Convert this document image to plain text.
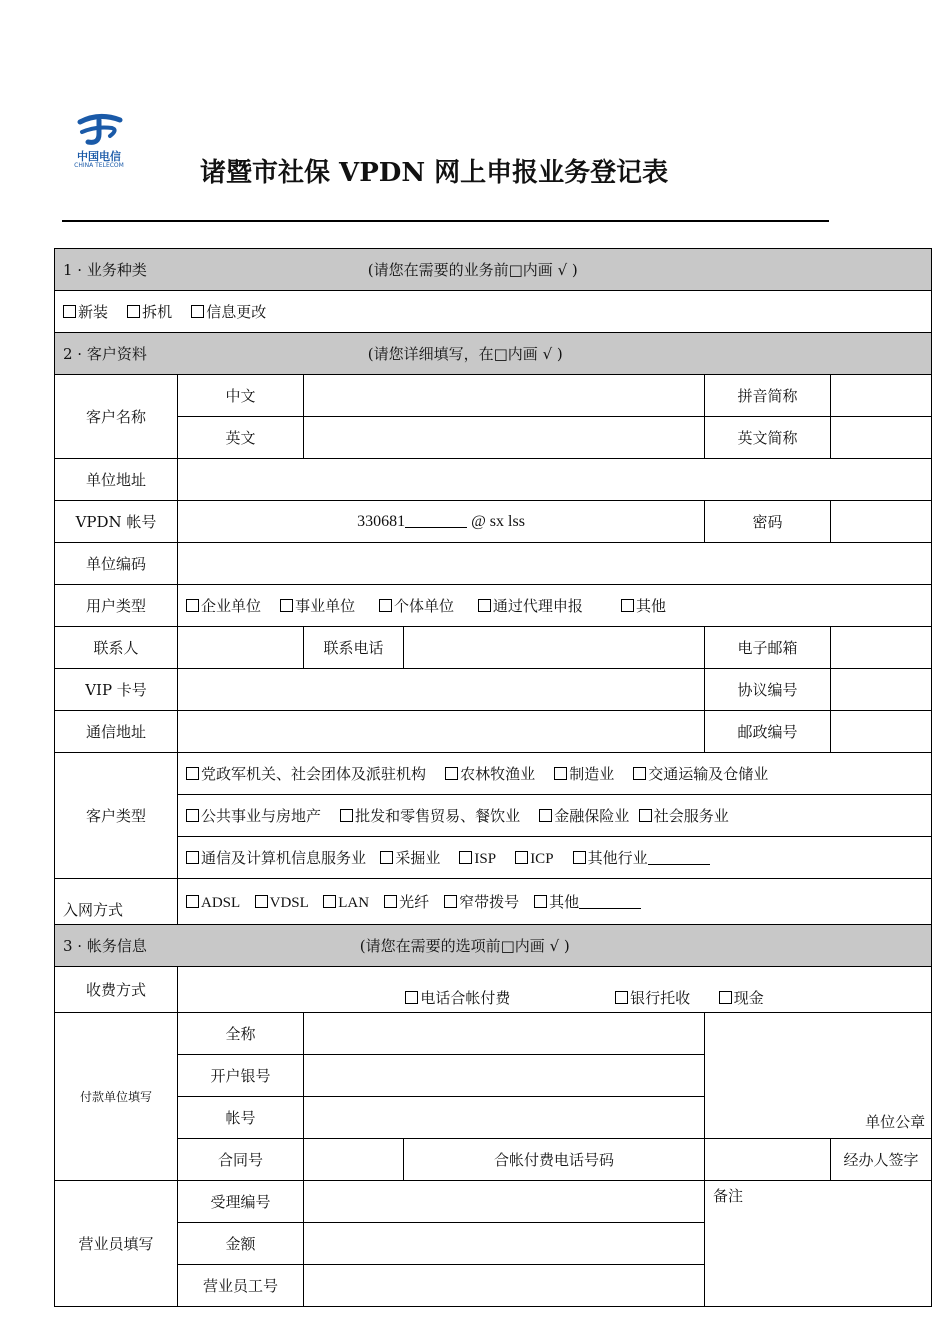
中国电信
CHINA TELECOM	诸暨市社保 VPDN 网上申报业务登记表
1 · 业务种类 (请您在需要的业务前□内画 √ )					
新装 拆机 信息更改					
2 · 客户资料 (请您详细填写，在□内画 √ )					
客户名称	中文			拼音简称	
	英文			英文简称	
单位地址					
VPDN 帐号	330681 @ sx lss			密码	
单位编码					
用户类型	企业单位 事业单位 个体单位 通过代理申报 其他				
联系人		联系电话		电子邮箱	
VIP 卡号				协议编号	
通信地址				邮政编号	
客户类型	党政军机关、社会团体及派驻机构 农林牧渔业 制造业 交通运输及仓储业				
	公共事业与房地产 批发和零售贸易、餐饮业 金融保险业 社会服务业				
	通信及计算机信息服务业 采掘业 ISP ICP 其他行业				
入网方式	ADSL VDSL LAN 光纤 窄带拨号 其他				
3 · 帐务信息 (请您在需要的选项前□内画 √ )					
收费方式	电话合帐付费 银行托收 现金				
付款单位填写	全称			单位公章	
	开户银号				
	帐号				
	合同号		合帐付费电话号码		经办人签字
营业员填写	受理编号			备注	
	金额				
	营业员工号				
